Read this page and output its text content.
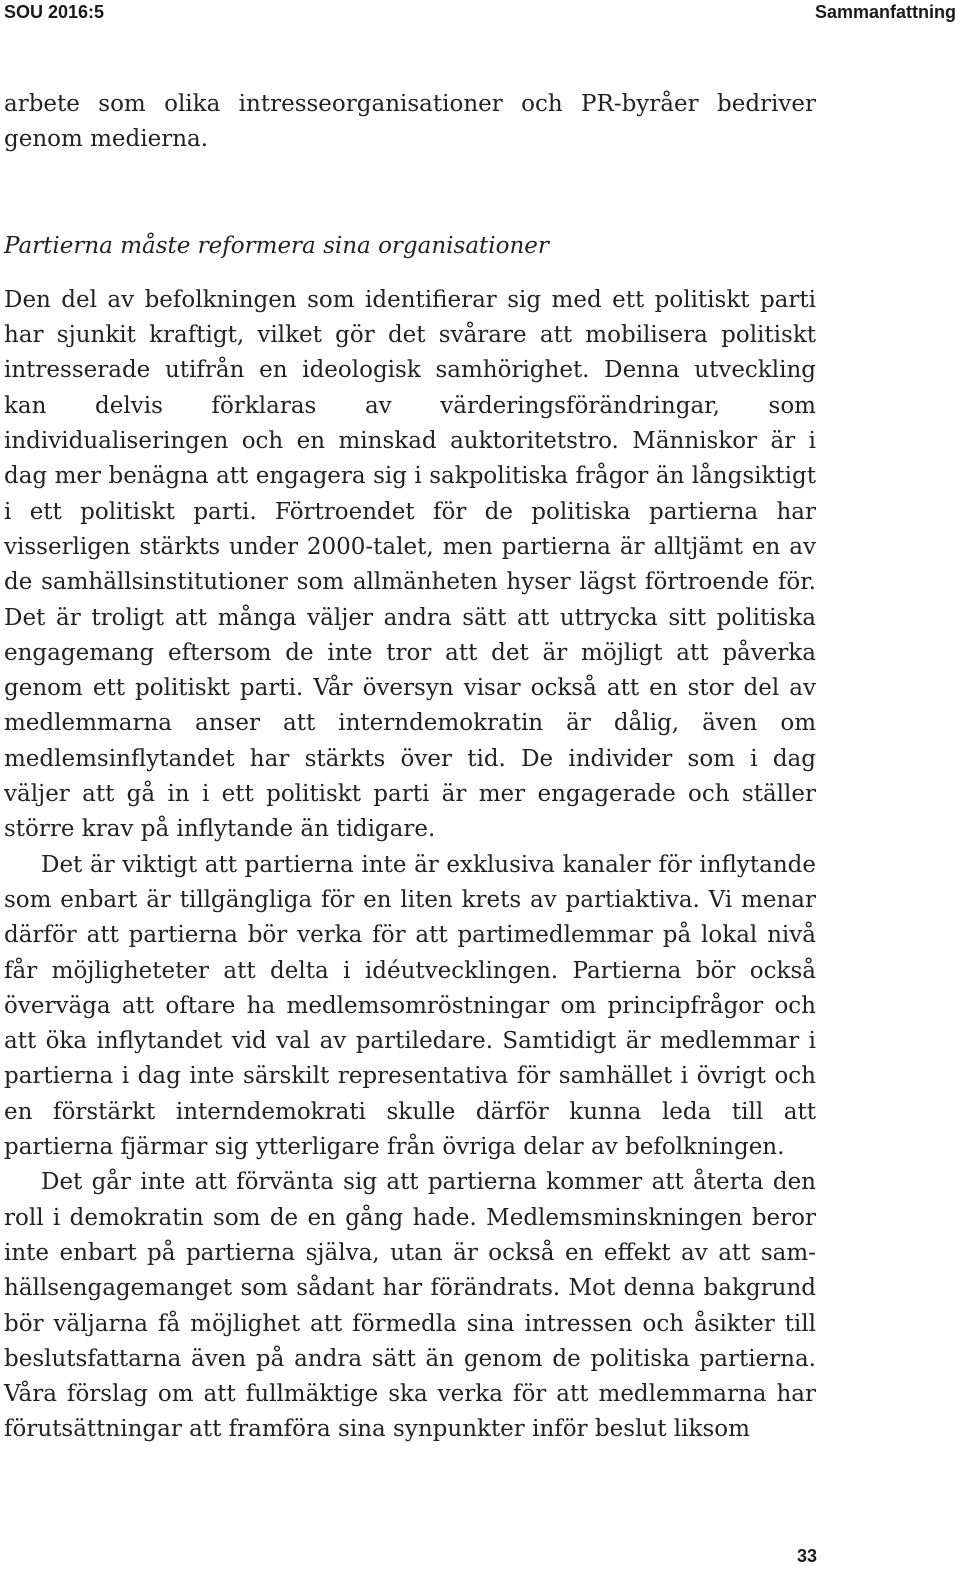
SOU 2016:5	Sammanfattning

arbete som olika intresseorganisationer och PR-byråer bedriver genom medierna.

Partierna måste reformera sina organisationer

Den del av befolkningen som identifierar sig med ett politiskt parti har sjunkit kraftigt, vilket gör det svårare att mobilisera politiskt intresserade utifrån en ideologisk samhörighet. Denna utveckling kan delvis förklaras av värderingsförändringar, som individualiseringen och en minskad auktoritetstro. Människor är i dag mer benägna att engagera sig i sakpolitiska frågor än långsiktigt i ett politiskt parti. Förtroendet för de politiska partierna har visserligen stärkts under 2000-talet, men partierna är alltjämt en av de samhällsinstitutioner som allmänheten hyser lägst förtroende för. Det är troligt att många väljer andra sätt att uttrycka sitt politiska engagemang eftersom de inte tror att det är möjligt att påverka genom ett politiskt parti. Vår översyn visar också att en stor del av medlemmarna anser att interndemokratin är dålig, även om medlemsinflytandet har stärkts över tid. De individer som i dag väljer att gå in i ett politiskt parti är mer engagerade och ställer större krav på inflytande än tidigare.

Det är viktigt att partierna inte är exklusiva kanaler för inflytande som enbart är tillgängliga för en liten krets av partiaktiva. Vi menar därför att partierna bör verka för att partimedlemmar på lokal nivå får möjligheteter att delta i idéutvecklingen. Partierna bör också överväga att oftare ha medlemsomröstningar om principfrågor och att öka inflytandet vid val av partiledare. Samtidigt är medlemmar i partierna i dag inte särskilt representativa för samhället i övrigt och en förstärkt interndemokrati skulle därför kunna leda till att partierna fjärmar sig ytterligare från övriga delar av befolkningen.

Det går inte att förvänta sig att partierna kommer att återta den roll i demokratin som de en gång hade. Medlemsminskningen beror inte enbart på partierna själva, utan är också en effekt av att samhällsengagemanget som sådant har förändrats. Mot denna bakgrund bör väljarna få möjlighet att förmedla sina intressen och åsikter till beslutsfattarna även på andra sätt än genom de politiska partierna. Våra förslag om att fullmäktige ska verka för att medlemmarna har förutsättningar att framföra sina synpunkter inför beslut liksom

33
